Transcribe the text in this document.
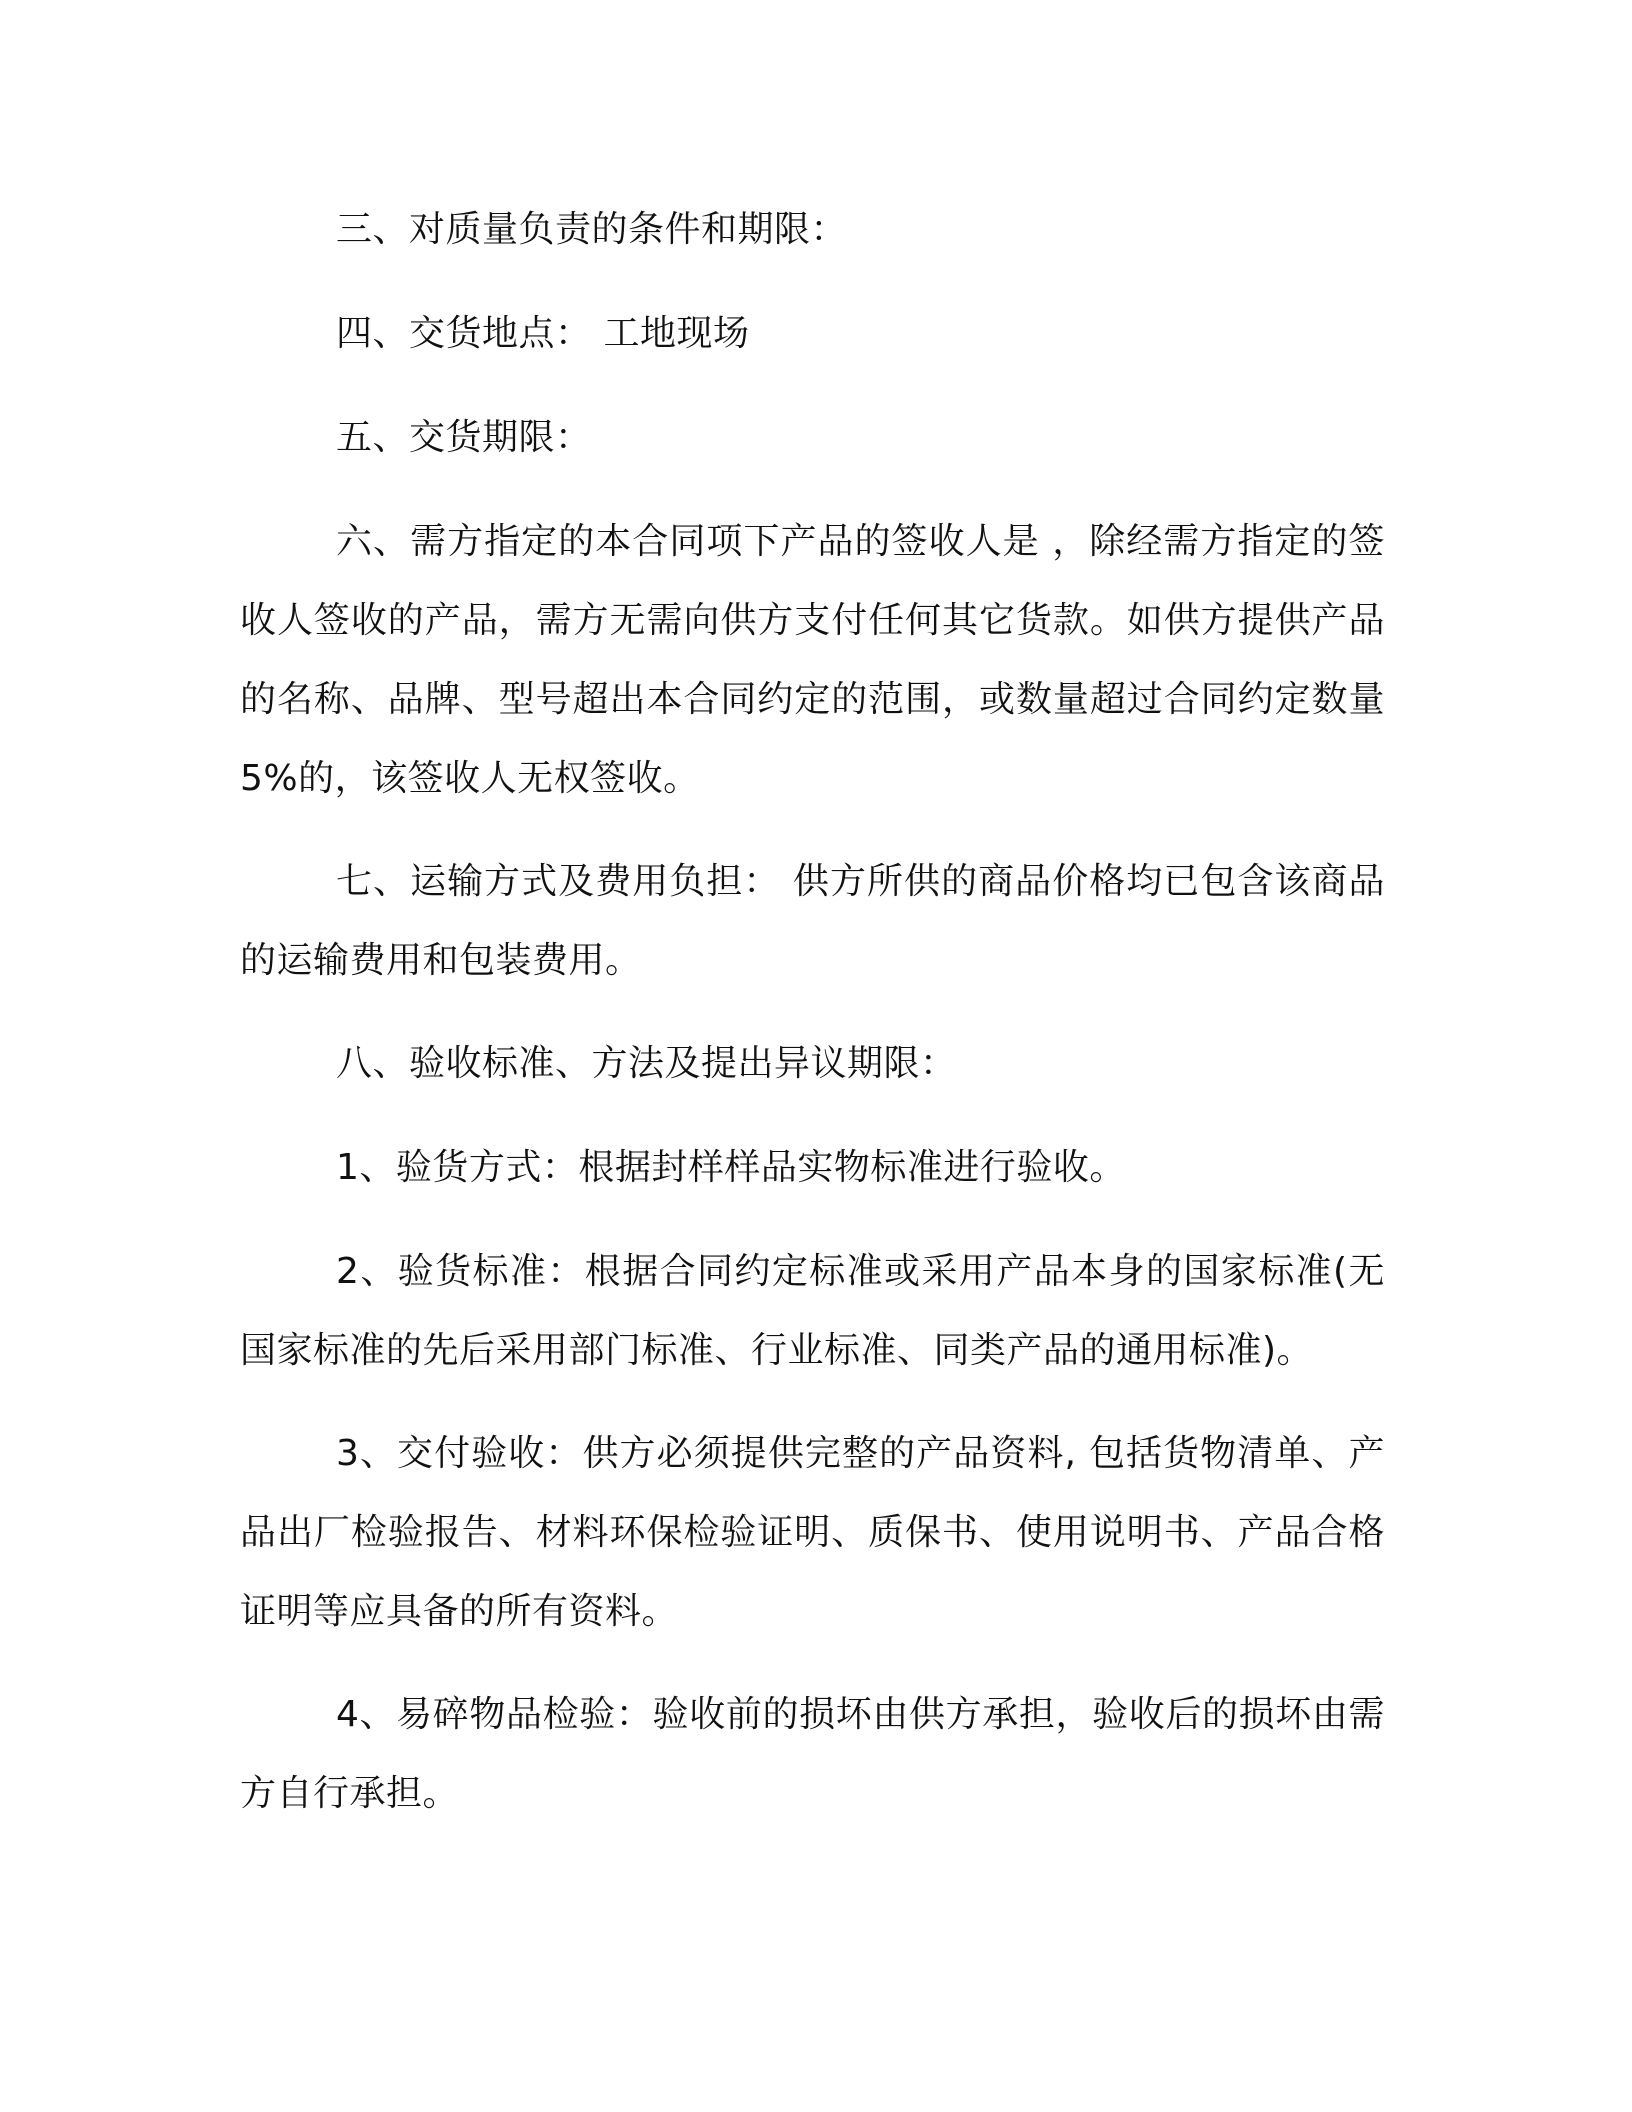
三、对质量负责的条件和期限：

四、交货地点： 工地现场

五、交货期限：

六、需方指定的本合同项下产品的签收人是 ，除经需方指定的签收人签收的产品，需方无需向供方支付任何其它货款。如供方提供产品的名称、品牌、型号超出本合同约定的范围，或数量超过合同约定数量 5%的，该签收人无权签收。

七、运输方式及费用负担： 供方所供的商品价格均已包含该商品的运输费用和包装费用。

八、验收标准、方法及提出异议期限：

1、验货方式：根据封样样品实物标准进行验收。

2、验货标准：根据合同约定标准或采用产品本身的国家标准(无国家标准的先后采用部门标准、行业标准、同类产品的通用标准)。

3、交付验收：供方必须提供完整的产品资料, 包括货物清单、产品出厂检验报告、材料环保检验证明、质保书、使用说明书、产品合格证明等应具备的所有资料。

4、易碎物品检验：验收前的损坏由供方承担，验收后的损坏由需方自行承担。
